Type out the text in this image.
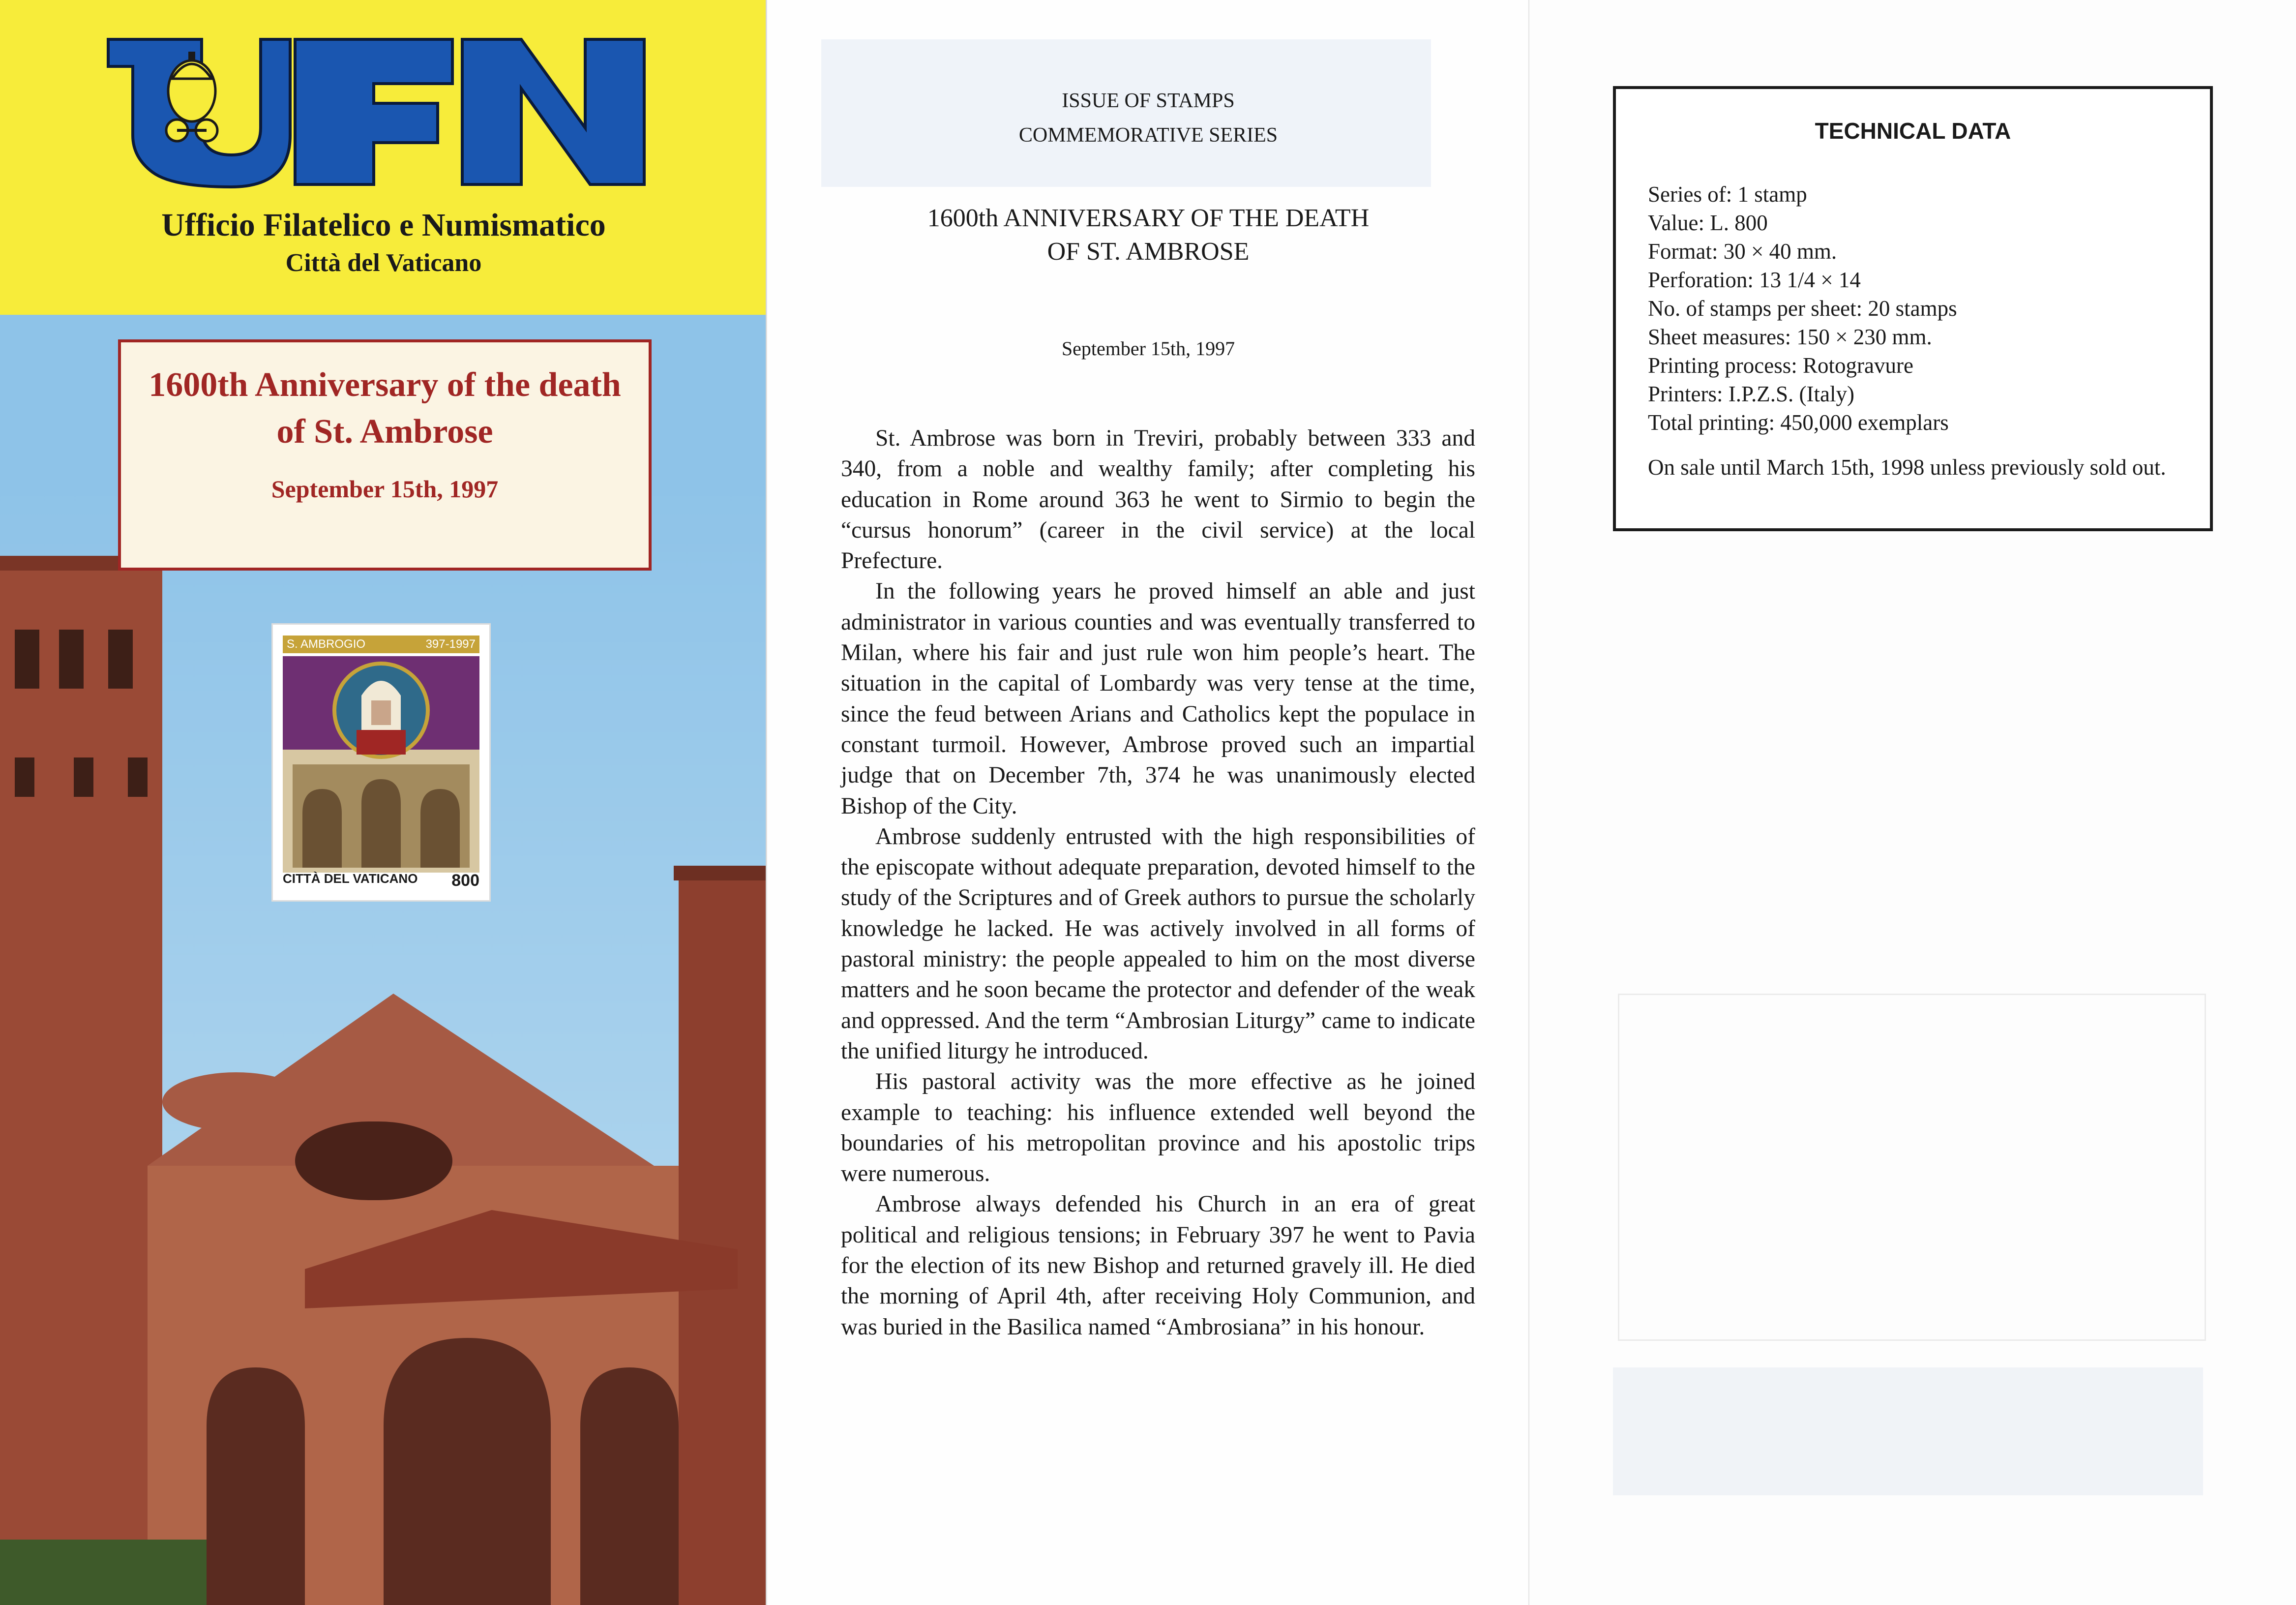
Ufficio Filatelico e Numismatico
Città del Vaticano

1600th Anniversary of the death
of St. Ambrose
September 15th, 1997
S. AMBROGIO	397-1997
CITTÀ DEL VATICANO 800
ISSUE OF STAMPS
COMMEMORATIVE SERIES
1600th ANNIVERSARY OF THE DEATH
OF ST. AMBROSE
September 15th, 1997

St. Ambrose was born in Treviri, probably between 333 and 340, from a noble and wealthy family; after completing his education in Rome around 363 he went to Sirmio to begin the “cursus honorum” (career in the civil service) at the local Prefecture.

In the following years he proved himself an able and just administrator in various counties and was eventually transferred to Milan, where his fair and just rule won him people’s heart. The situation in the capital of Lombardy was very tense at the time, since the feud between Arians and Catholics kept the populace in constant turmoil. However, Ambrose proved such an impartial judge that on December 7th, 374 he was unanimously elected Bishop of the City.

Ambrose suddenly entrusted with the high responsibilities of the episcopate without adequate preparation, devoted himself to the study of the Scriptures and of Greek authors to pursue the scholarly knowledge he lacked. He was actively involved in all forms of pastoral ministry: the people appealed to him on the most diverse matters and he soon became the protector and defender of the weak and oppressed. And the term “Ambrosian Liturgy” came to indicate the unified liturgy he introduced.

His pastoral activity was the more effective as he joined example to teaching: his influence extended well beyond the boundaries of his metropolitan province and his apostolic trips were numerous.

Ambrose always defended his Church in an era of great political and religious tensions; in February 397 he went to Pavia for the election of its new Bishop and returned gravely ill. He died the morning of April 4th, after receiving Holy Communion, and was buried in the Basilica named “Ambrosiana” in his honour.

TECHNICAL DATA
Series of: 1 stamp
Value: L. 800
Format: 30 × 40 mm.
Perforation: 13 1/4 × 14
No. of stamps per sheet: 20 stamps
Sheet measures: 150 × 230 mm.
Printing process: Rotogravure
Printers: I.P.Z.S. (Italy)
Total printing: 450,000 exemplars
On sale until March 15th, 1998 unless previously sold out.
